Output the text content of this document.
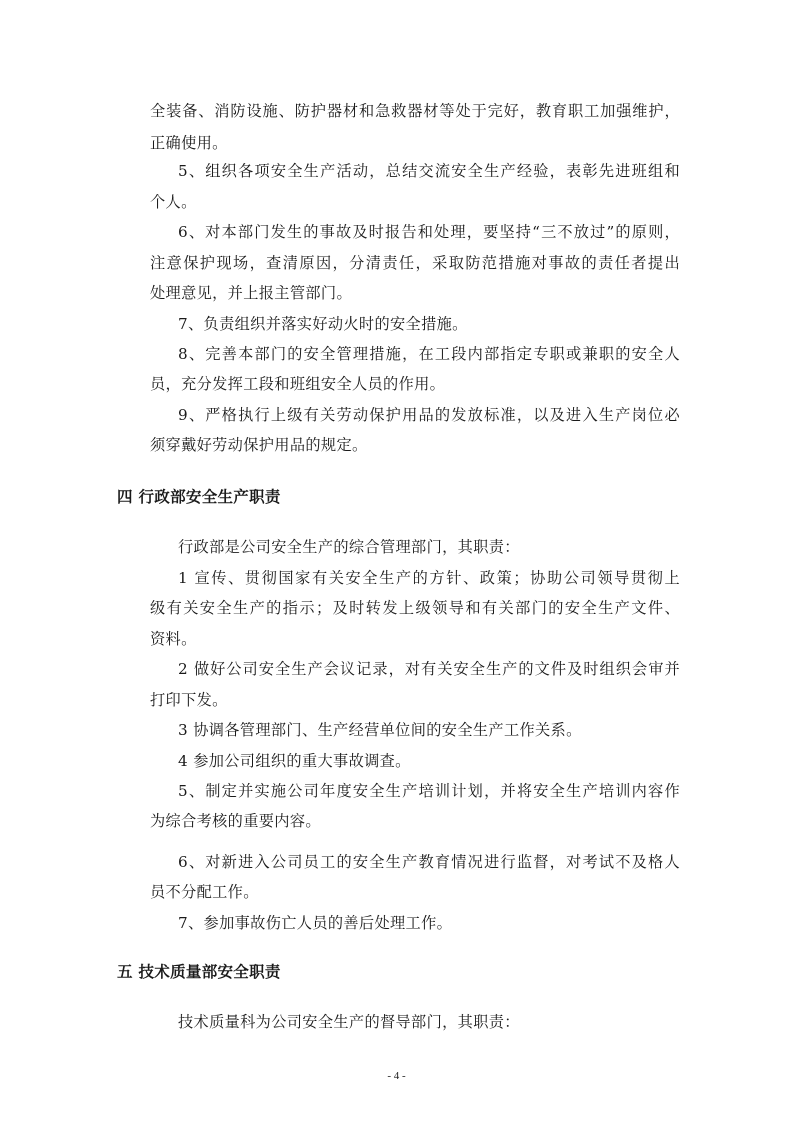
全装备、消防设施、防护器材和急救器材等处于完好，教育职工加强维护，
正确使用。
5、组织各项安全生产活动，总结交流安全生产经验，表彰先进班组和
个人。
6、对本部门发生的事故及时报告和处理，要坚持“三不放过”的原则，
注意保护现场，查清原因，分清责任，采取防范措施对事故的责任者提出
处理意见，并上报主管部门。
7、负责组织并落实好动火时的安全措施。
8、完善本部门的安全管理措施，在工段内部指定专职或兼职的安全人
员，充分发挥工段和班组安全人员的作用。
9、严格执行上级有关劳动保护用品的发放标准，以及进入生产岗位必
须穿戴好劳动保护用品的规定。
四 行政部安全生产职责
行政部是公司安全生产的综合管理部门，其职责：
1 宣传、贯彻国家有关安全生产的方针、政策；协助公司领导贯彻上
级有关安全生产的指示；及时转发上级领导和有关部门的安全生产文件、
资料。
2 做好公司安全生产会议记录，对有关安全生产的文件及时组织会审并
打印下发。
3 协调各管理部门、生产经营单位间的安全生产工作关系。
4 参加公司组织的重大事故调查。
5、制定并实施公司年度安全生产培训计划，并将安全生产培训内容作
为综合考核的重要内容。
6、对新进入公司员工的安全生产教育情况进行监督，对考试不及格人
员不分配工作。
7、参加事故伤亡人员的善后处理工作。
五 技术质量部安全职责
技术质量科为公司安全生产的督导部门，其职责：
- 4 -
